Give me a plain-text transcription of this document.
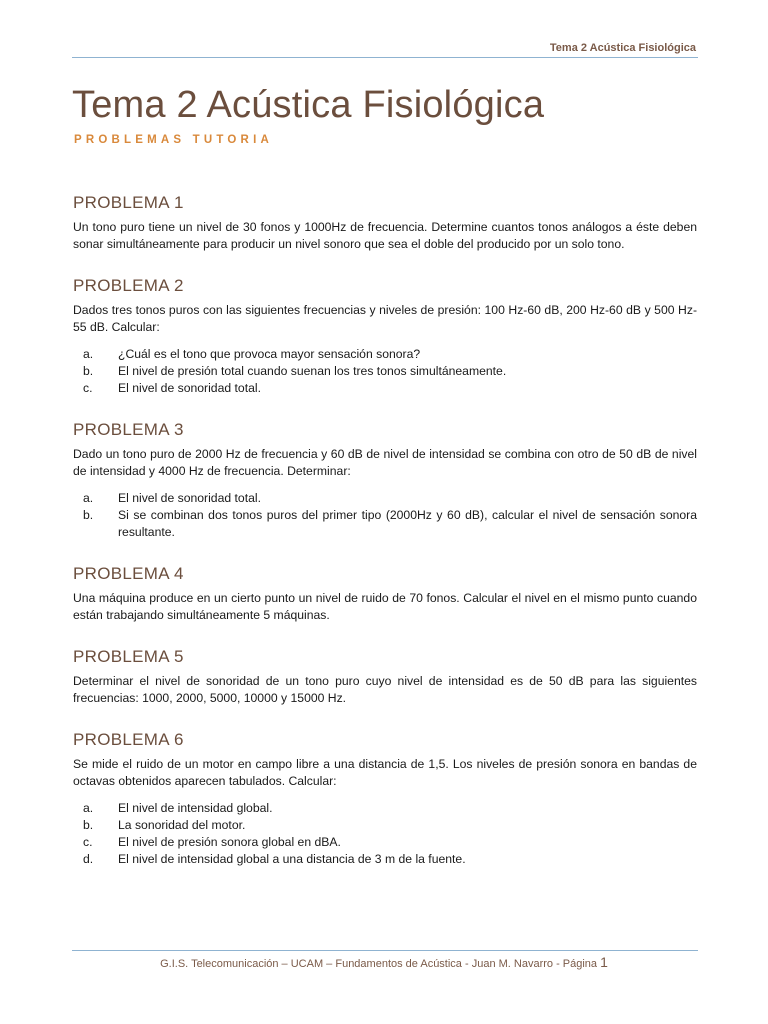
Tema 2 Acústica Fisiológica
Tema 2 Acústica Fisiológica
PROBLEMAS TUTORIA
PROBLEMA 1

Un tono puro tiene un nivel de 30 fonos y 1000Hz de frecuencia. Determine cuantos tonos análogos a éste deben sonar simultáneamente para producir un nivel sonoro que sea el doble del producido por un solo tono.

PROBLEMA 2

Dados tres tonos puros con las siguientes frecuencias y niveles de presión: 100 Hz-60 dB, 200 Hz-60 dB y 500 Hz-55 dB. Calcular:

a.	¿Cuál es el tono que provoca mayor sensación sonora?
b.	El nivel de presión total cuando suenan los tres tonos simultáneamente.
c.	El nivel de sonoridad total.
PROBLEMA 3

Dado un tono puro de 2000 Hz de frecuencia y 60 dB de nivel de intensidad se combina con otro de 50 dB de nivel de intensidad y 4000 Hz de frecuencia. Determinar:

a.	El nivel de sonoridad total.
b.	Si se combinan dos tonos puros del primer tipo (2000Hz y 60 dB), calcular el nivel de sensación sonora resultante.
PROBLEMA 4

Una máquina produce en un cierto punto un nivel de ruido de 70 fonos. Calcular el nivel en el mismo punto cuando están trabajando simultáneamente 5 máquinas.

PROBLEMA 5

Determinar el nivel de sonoridad de un tono puro cuyo nivel de intensidad es de 50 dB para las siguientes frecuencias: 1000, 2000, 5000, 10000 y 15000 Hz.

PROBLEMA 6

Se mide el ruido de un motor en campo libre a una distancia de 1,5. Los niveles de presión sonora en bandas de octavas obtenidos aparecen tabulados. Calcular:

a.	El nivel de intensidad global.
b.	La sonoridad del motor.
c.	El nivel de presión sonora global en dBA.
d.	El nivel de intensidad global a una distancia de 3 m de la fuente.
G.I.S. Telecomunicación – UCAM – Fundamentos de Acústica - Juan M. Navarro - Página 1
